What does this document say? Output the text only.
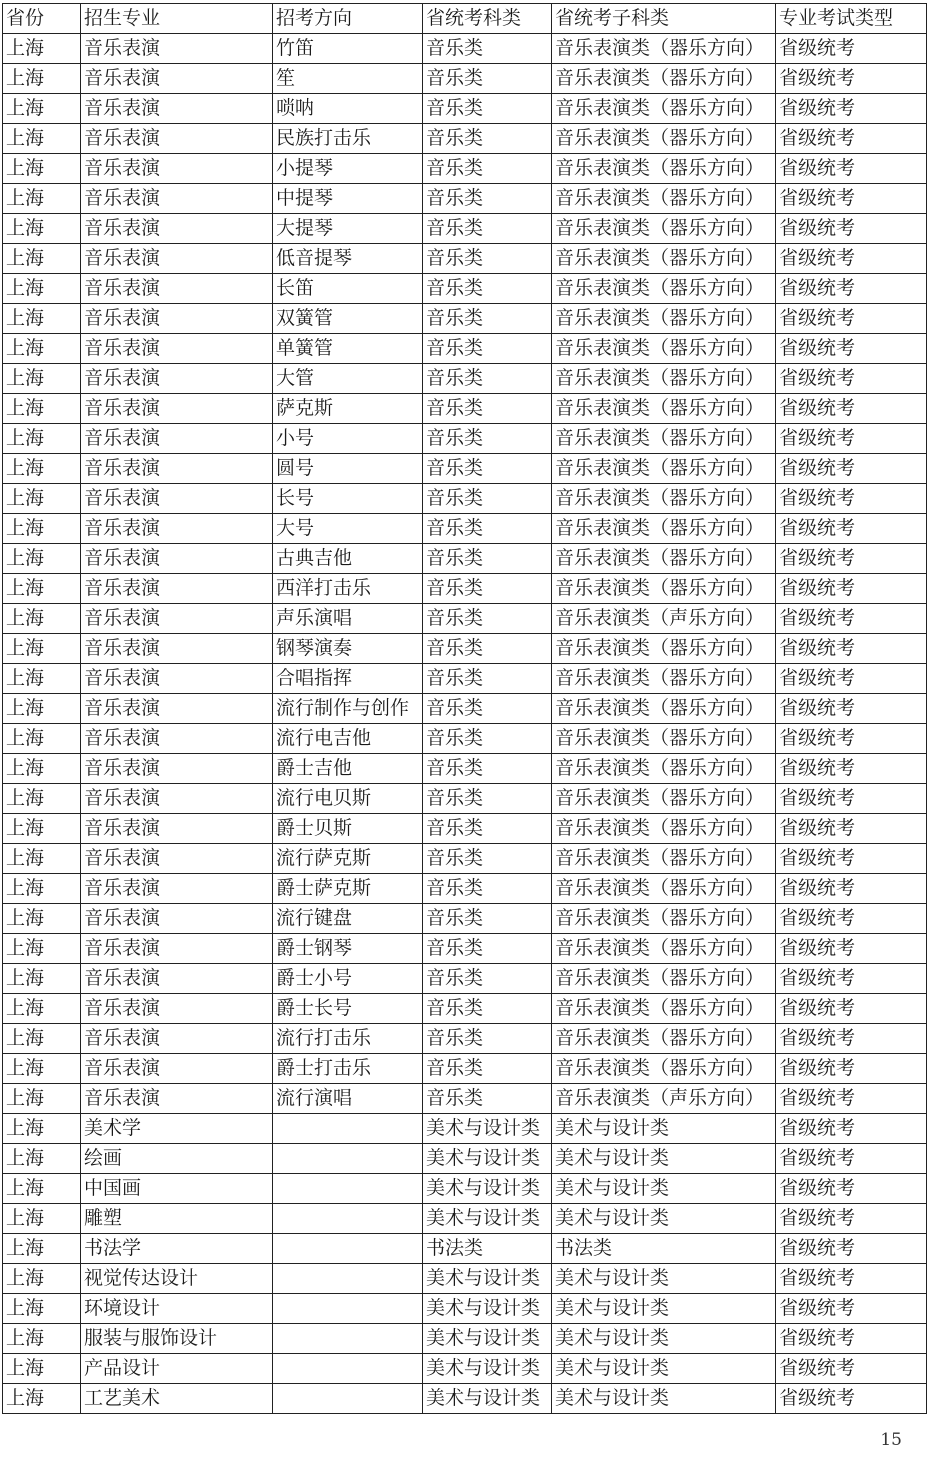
省份	招生专业	招考方向	省统考科类	省统考子科类	专业考试类型
上海	音乐表演	竹笛	音乐类	音乐表演类（器乐方向）	省级统考
上海	音乐表演	笙	音乐类	音乐表演类（器乐方向）	省级统考
上海	音乐表演	唢呐	音乐类	音乐表演类（器乐方向）	省级统考
上海	音乐表演	民族打击乐	音乐类	音乐表演类（器乐方向）	省级统考
上海	音乐表演	小提琴	音乐类	音乐表演类（器乐方向）	省级统考
上海	音乐表演	中提琴	音乐类	音乐表演类（器乐方向）	省级统考
上海	音乐表演	大提琴	音乐类	音乐表演类（器乐方向）	省级统考
上海	音乐表演	低音提琴	音乐类	音乐表演类（器乐方向）	省级统考
上海	音乐表演	长笛	音乐类	音乐表演类（器乐方向）	省级统考
上海	音乐表演	双簧管	音乐类	音乐表演类（器乐方向）	省级统考
上海	音乐表演	单簧管	音乐类	音乐表演类（器乐方向）	省级统考
上海	音乐表演	大管	音乐类	音乐表演类（器乐方向）	省级统考
上海	音乐表演	萨克斯	音乐类	音乐表演类（器乐方向）	省级统考
上海	音乐表演	小号	音乐类	音乐表演类（器乐方向）	省级统考
上海	音乐表演	圆号	音乐类	音乐表演类（器乐方向）	省级统考
上海	音乐表演	长号	音乐类	音乐表演类（器乐方向）	省级统考
上海	音乐表演	大号	音乐类	音乐表演类（器乐方向）	省级统考
上海	音乐表演	古典吉他	音乐类	音乐表演类（器乐方向）	省级统考
上海	音乐表演	西洋打击乐	音乐类	音乐表演类（器乐方向）	省级统考
上海	音乐表演	声乐演唱	音乐类	音乐表演类（声乐方向）	省级统考
上海	音乐表演	钢琴演奏	音乐类	音乐表演类（器乐方向）	省级统考
上海	音乐表演	合唱指挥	音乐类	音乐表演类（器乐方向）	省级统考
上海	音乐表演	流行制作与创作	音乐类	音乐表演类（器乐方向）	省级统考
上海	音乐表演	流行电吉他	音乐类	音乐表演类（器乐方向）	省级统考
上海	音乐表演	爵士吉他	音乐类	音乐表演类（器乐方向）	省级统考
上海	音乐表演	流行电贝斯	音乐类	音乐表演类（器乐方向）	省级统考
上海	音乐表演	爵士贝斯	音乐类	音乐表演类（器乐方向）	省级统考
上海	音乐表演	流行萨克斯	音乐类	音乐表演类（器乐方向）	省级统考
上海	音乐表演	爵士萨克斯	音乐类	音乐表演类（器乐方向）	省级统考
上海	音乐表演	流行键盘	音乐类	音乐表演类（器乐方向）	省级统考
上海	音乐表演	爵士钢琴	音乐类	音乐表演类（器乐方向）	省级统考
上海	音乐表演	爵士小号	音乐类	音乐表演类（器乐方向）	省级统考
上海	音乐表演	爵士长号	音乐类	音乐表演类（器乐方向）	省级统考
上海	音乐表演	流行打击乐	音乐类	音乐表演类（器乐方向）	省级统考
上海	音乐表演	爵士打击乐	音乐类	音乐表演类（器乐方向）	省级统考
上海	音乐表演	流行演唱	音乐类	音乐表演类（声乐方向）	省级统考
上海	美术学		美术与设计类	美术与设计类	省级统考
上海	绘画		美术与设计类	美术与设计类	省级统考
上海	中国画		美术与设计类	美术与设计类	省级统考
上海	雕塑		美术与设计类	美术与设计类	省级统考
上海	书法学		书法类	书法类	省级统考
上海	视觉传达设计		美术与设计类	美术与设计类	省级统考
上海	环境设计		美术与设计类	美术与设计类	省级统考
上海	服装与服饰设计		美术与设计类	美术与设计类	省级统考
上海	产品设计		美术与设计类	美术与设计类	省级统考
上海	工艺美术		美术与设计类	美术与设计类	省级统考
15
